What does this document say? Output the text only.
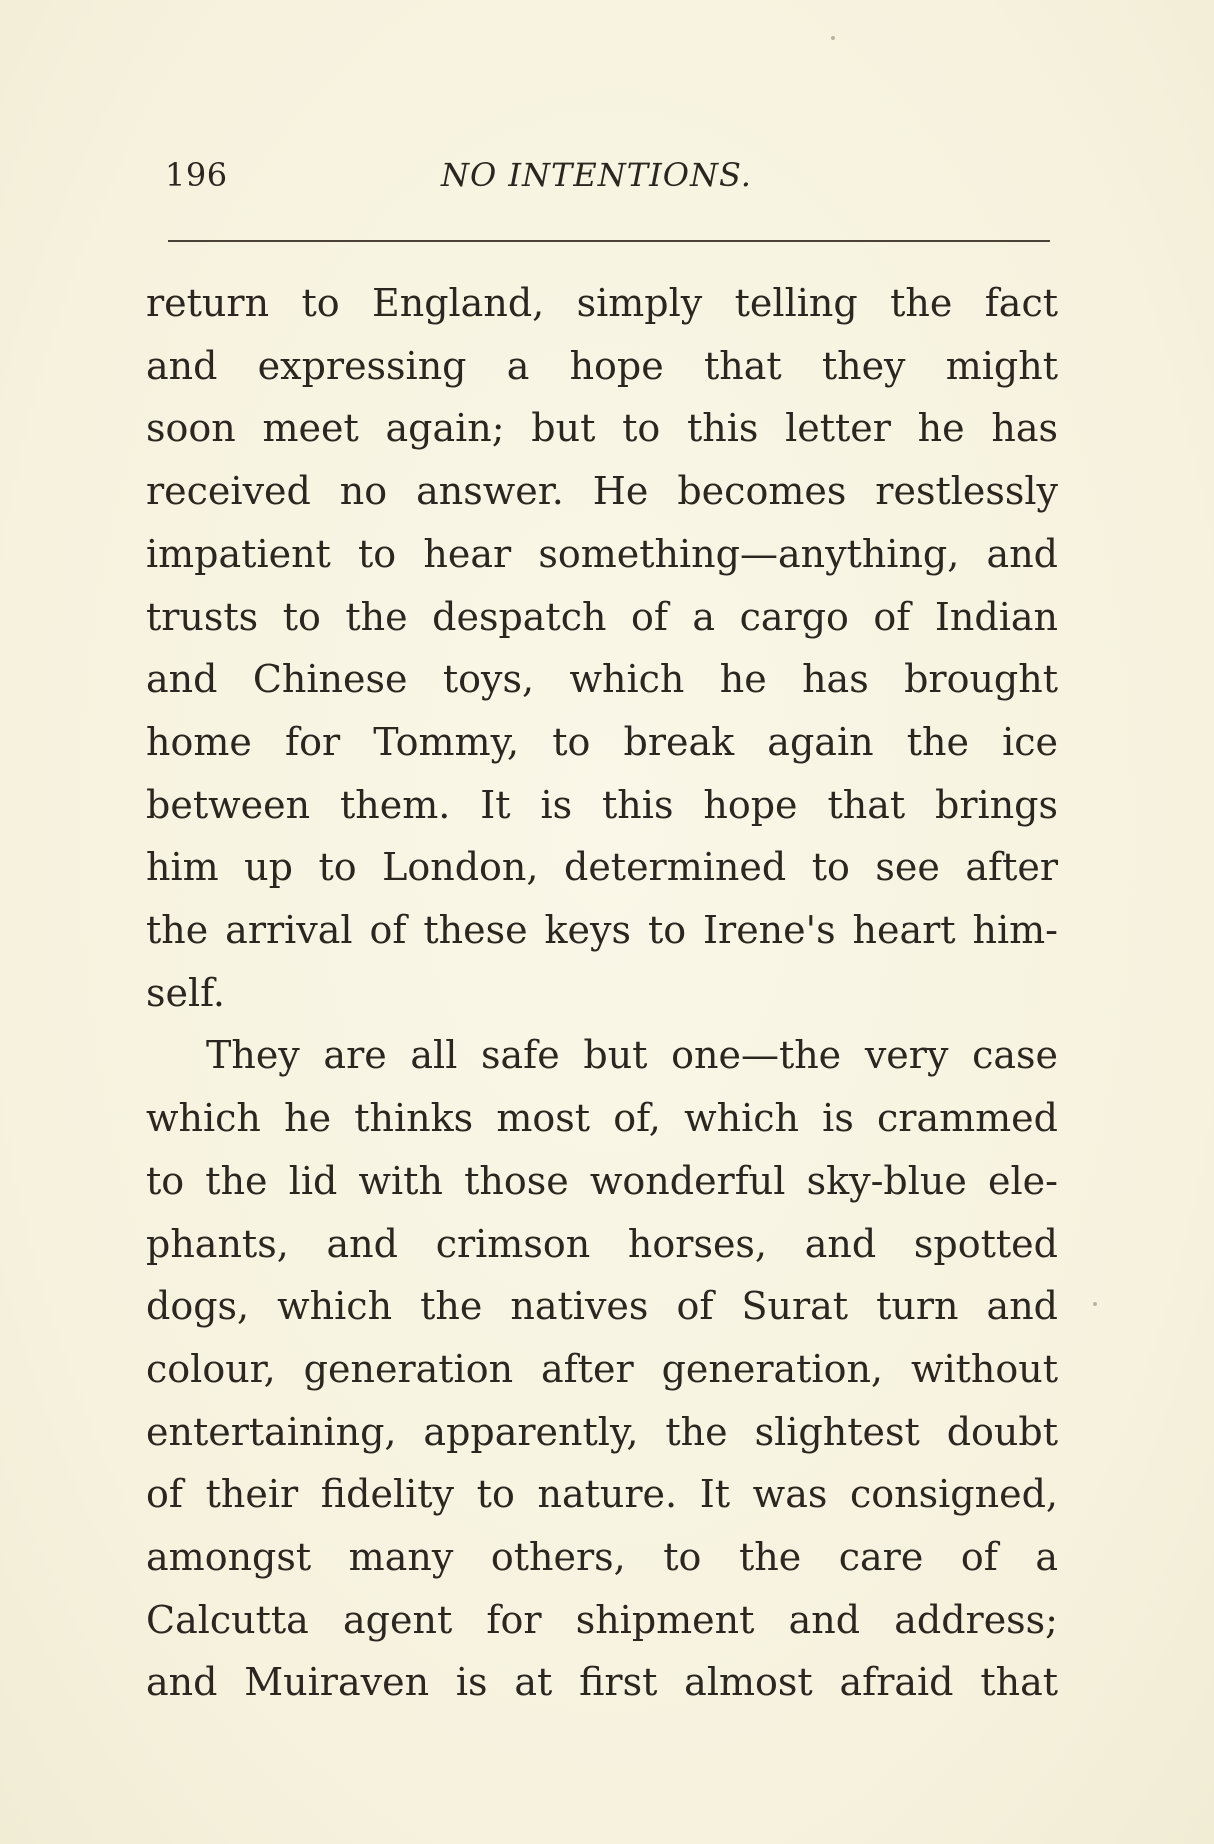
196	NO INTENTIONS.
return to England, simply telling the fact
and expressing a hope that they might
soon meet again; but to this letter he has
received no answer. He becomes restlessly
impatient to hear something—anything, and
trusts to the despatch of a cargo of Indian
and Chinese toys, which he has brought
home for Tommy, to break again the ice
between them. It is this hope that brings
him up to London, determined to see after
the arrival of these keys to Irene's heart him-
self.
They are all safe but one—the very case
which he thinks most of, which is crammed
to the lid with those wonderful sky-blue ele-
phants, and crimson horses, and spotted
dogs, which the natives of Surat turn and
colour, generation after generation, without
entertaining, apparently, the slightest doubt
of their fidelity to nature. It was consigned,
amongst many others, to the care of a
Calcutta agent for shipment and address;
and Muiraven is at first almost afraid that
